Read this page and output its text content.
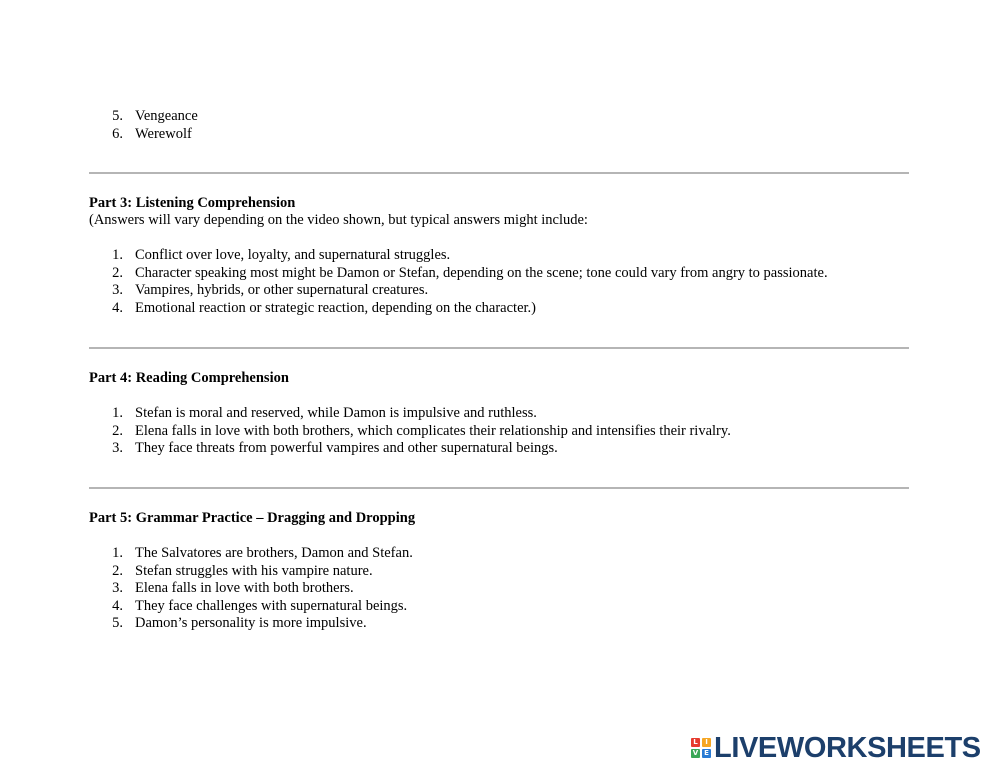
5. Vengeance
6. Werewolf
Part 3: Listening Comprehension
(Answers will vary depending on the video shown, but typical answers might include:
1. Conflict over love, loyalty, and supernatural struggles.
2. Character speaking most might be Damon or Stefan, depending on the scene; tone could vary from angry to passionate.
3. Vampires, hybrids, or other supernatural creatures.
4. Emotional reaction or strategic reaction, depending on the character.)
Part 4: Reading Comprehension
1. Stefan is moral and reserved, while Damon is impulsive and ruthless.
2. Elena falls in love with both brothers, which complicates their relationship and intensifies their rivalry.
3. They face threats from powerful vampires and other supernatural beings.
Part 5: Grammar Practice – Dragging and Dropping
1. The Salvatores are brothers, Damon and Stefan.
2. Stefan struggles with his vampire nature.
3. Elena falls in love with both brothers.
4. They face challenges with supernatural beings.
5. Damon’s personality is more impulsive.
L	I
V E LIVEWORKSHEETS
